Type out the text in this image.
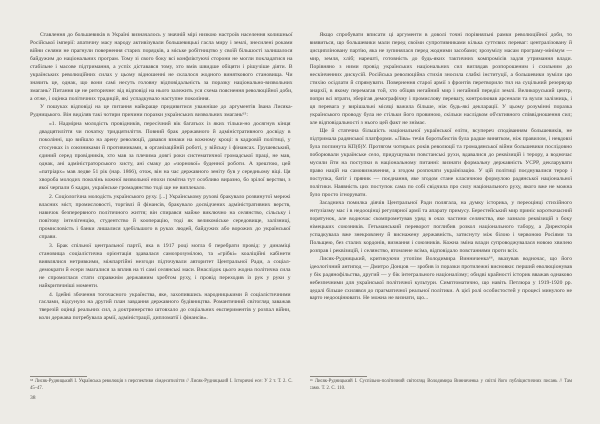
Ставлення до большевиків в Україні визначалось у значній мірі низкою настроїв населення колишньої Російської імперії: апатичну масу народу активізували большевицькі гасла миру і землі, знесилені роками війни селяни не прагнули повернення старих порядків, а міське робітництво у своїй більшості залишалося байдужим до національних програм. Тому зі свого боку всі конфліктуючі сторони не могли покладатися на стабільне і масове підтримання, а успіх діставався тому, хто вмів швидше обіцяти і рішучіше діяти. В українських революційних силах у цьому відношенні не склалося жодного виняткового становища. Чи значить це, однак, що вони самі несуть головну відповідальність за поразку національно-визвольних змагань? Питання це не риторичне: від відповіді на нього залежить уся схема пояснення революційної доби, а отже, і оцінка політичних традицій, які успадкувало наступне покоління.

У пошуках відповіді на це питання найкраще придивитися уважніше до аргументів Івана Лисяка-Рудницького. Він виділяв такі чотири причини поразки українських визвольних змагань⁶⁵:

«1. Надмірна молодість провідників, пересічний вік багатьох із яких тільки-но досягнув кінця двадцятиліття чи початку тридцятиліття. Повний брак державного й адміністративного досвіду в поколінні, що вийшло на арену революції, давався взнаки на кожному кроці: в кадровій політиці, у стосунках із союзниками й противниками, в організаційній роботі, у війську і фінансах. Грушевський, єдиний серед провідників, хто мав за плечима довгі роки систематичної громадської праці, не мав, однак, ані адміністраторського хисту, ані смаку до «чорнової» буденної роботи. А зрештою, цей «патріарх» мав ледве 51 рік (нар. 1866), отож, він на час державного зеніту був у середньому віці. Ця хвороба молодих поколінь кожної визвольної епохи помітна тут особливо виразно, бо зрілої верстви, з якої черпали б кадри, українське громадянство тоді ще не виплекало.

2. Соціологічна молодість українського руху. [...] Українському рухові бракувало розвинутої мережі власних міст, промисловості, торгівлі й фінансів, бракувало досвідчених адміністративних верств, навичок безперервного політичного життя; він спирався майже виключно на селянство, сільську і повітову інтелігенцію, студентство й кооперацію, тоді як великоміське середовище, залізниці, промисловість і банки лишалися здебільшого в руках людей, байдужих або ворожих до української справи.

3. Брак спільної центральної партії, яка в 1917 році могла б перебрати провід: у динаміці становища соціалістична орієнтація здавалася самозрозумілою, та «грібкі» коаліційні кабінети виявлялися нетривкими, міжпартійні незгоди підточували авторитет Центральної Ради, а соціал-демократи й есери змагалися за вплив на ті самі селянські маси. Внаслідок цього жодна політична сила не спромоглася стати справжнім державним хребтом руху, і провід переходив із рук у руки у найкритичніші моменти.

4. Ідейні збочення тогочасного українства, яке, захопившись народницькими й соціалістичними гаслами, відсунуло на другий план завдання державного будівництва. Романтичний світогляд заважав тверезій оцінці реальних сил, а доктринерство штовхало до соціальних експериментів у розпал війни, коли держава потребувала армії, адміністрації, дипломатії і фінансів».

⁶⁵ Лисяк-Рудницький І. Українська революція з перспективи сімдесятиліття // Лисяк-Рудницький І. Історичні есе: У 2 т. Т. 2. С. 45–47.

Якщо спробувати вписати ці аргументи в доволі точні порівняльні рамки революційної доби, то виявиться, що большевики мали перед своїми супротивниками кілька суттєвих переваг: централізовану й дисципліновану партію, яка не зупинялася перед жодними засобами; зрозумілу масам програму-мінімум — мир, земля, хліб; нарешті, готовність до будь-яких тактичних компромісів задля утримання влади. Порівняно з ними провід українських національних сил виглядав розпорошеним і схильним до нескінченних дискусій. Російська революційна стихія зносила слабкі інституції, а большевики зуміли цю стихію осідлати й спрямувати. Повернення старої армії з фронтів перетворило тил на суцільний резервуар анархії, в якому перемагав той, хто обіцяв негайний мир і негайний переділ землі. Великоруський центр, попри всі втрати, зберігав демографічну і промислову перевагу, контролював арсенали та вузли залізниць, і ця перевага у вирішальні місяці важила більше, ніж будь-які декларації. У цьому розумінні поразка українського проводу була не стільки його провиною, скільки наслідком об'єктивного співвідношення сил; але відповідальності з нього цей факт не знімає.

Ще й статечна більшість національної української еліти, всупереч сподіванням большевиків, не підтримала радянської платформи. «Ліва» течія боротьбистів була радше винятком, ніж правилом, і невдовзі була поглинута КП(б)У. Протягом чотирьох років революції та громадянської війни большевики послідовно поборювали українське село, придушували повстанські рухи, вдавалися до реквізицій і терору, а водночас мусили йти на поступки в національному питанні: визнати формальну державність УСРР, декларувати право націй на самовизначення, а згодом розпочати українізацію. У цій політиці поєднувалися терор і поступка, батіг і пряник — поєднання, яке згодом стане класичною формулою радянської національної політики. Наявність цих поступок сама по собі свідчила про силу національного руху, якого вже не можна було просто ігнорувати.

Засаднича помилка діячів Центральної Ради полягала, на думку історика, у переоцінці стихійного ентузіазму мас і в недооцінці регулярної армії та апарату примусу. Берестейський мир приніс короткочасний порятунок, але водночас скомпрометував уряд в очах частини селянства, яке зазнало реквізицій з боку німецьких союзників. Гетьманський переворот поглибив розкол національного табору, а Директорія успадкувала вже знекровлену й виснажену державність, затиснуту між білою і червоною Росіями та Польщею, без сталих кордонів, визнання і союзників. Кожна зміна влади супроводжувалася новою хвилею розправ і реквізицій, і селянство, втомлене всіма, відповідало повстаннями проти всіх.

Лисяк-Рудницький, критикуючи утопізм Володимира Винниченка⁶⁶, вказував водночас, що його ідеологічний антипод — Дмитро Донцов — зробив із поразки протилежні висновки: перший еволюціонував у бік радянофільства, другий — у бік інтегрального націоналізму; обидві крайності історик вважав однаково небезпечними для української політичної культури. Симптоматично, що навіть Петлюра у 1919-1920 рр. дедалі більше схилявся до прагматичної реальної політики. А цієї ролі особистостей у процесі минулого не варто недооцінювати. Не можна не визнати, що...

⁶⁶ Лисяк-Рудницький І. Суспільно-політичний світогляд Володимира Винниченка у світлі його публіцистичних писань // Там само. Т. 2. С. 110.

38
